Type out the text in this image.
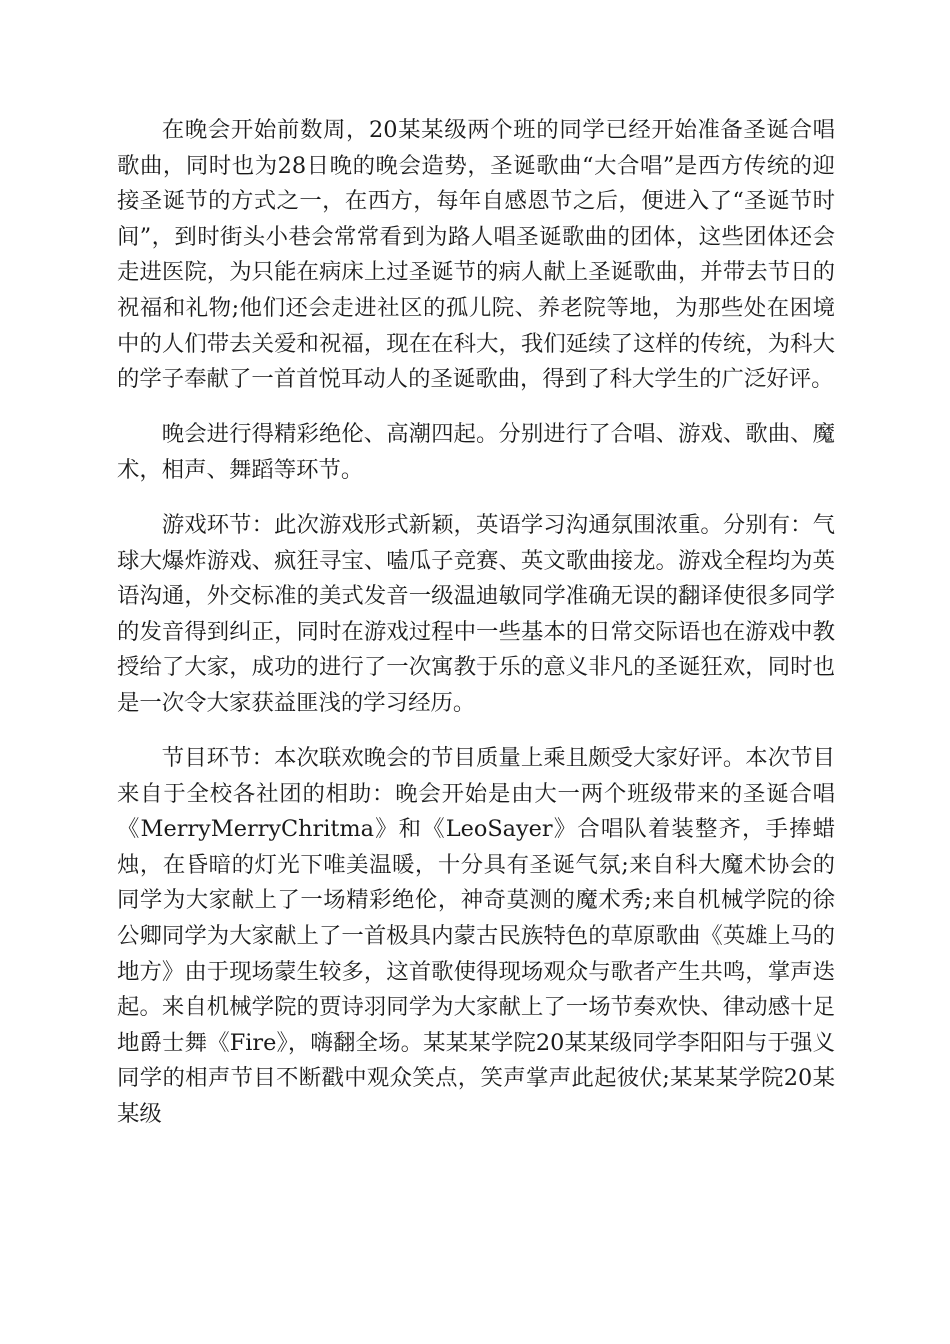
在晚会开始前数周，20某某级两个班的同学已经开始准备圣诞合唱歌曲，同时也为28日晚的晚会造势，圣诞歌曲“大合唱”是西方传统的迎接圣诞节的方式之一，在西方，每年自感恩节之后，便进入了“圣诞节时间”，到时街头小巷会常常看到为路人唱圣诞歌曲的团体，这些团体还会走进医院，为只能在病床上过圣诞节的病人献上圣诞歌曲，并带去节日的祝福和礼物;他们还会走进社区的孤儿院、养老院等地，为那些处在困境中的人们带去关爱和祝福，现在在科大，我们延续了这样的传统，为科大的学子奉献了一首首悦耳动人的圣诞歌曲，得到了科大学生的广泛好评。

晚会进行得精彩绝伦、高潮四起。分别进行了合唱、游戏、歌曲、魔术，相声、舞蹈等环节。

游戏环节：此次游戏形式新颖，英语学习沟通氛围浓重。分别有：气球大爆炸游戏、疯狂寻宝、嗑瓜子竞赛、英文歌曲接龙。游戏全程均为英语沟通，外交标准的美式发音一级温迪敏同学准确无误的翻译使很多同学的发音得到纠正，同时在游戏过程中一些基本的日常交际语也在游戏中教授给了大家，成功的进行了一次寓教于乐的意义非凡的圣诞狂欢，同时也是一次令大家获益匪浅的学习经历。

节目环节：本次联欢晚会的节目质量上乘且颇受大家好评。本次节目来自于全校各社团的相助：晚会开始是由大一两个班级带来的圣诞合唱《MerryMerryChritma》和《LeoSayer》合唱队着装整齐，手捧蜡烛，在昏暗的灯光下唯美温暖，十分具有圣诞气氛;来自科大魔术协会的同学为大家献上了一场精彩绝伦，神奇莫测的魔术秀;来自机械学院的徐公卿同学为大家献上了一首极具内蒙古民族特色的草原歌曲《英雄上马的地方》由于现场蒙生较多，这首歌使得现场观众与歌者产生共鸣，掌声迭起。来自机械学院的贾诗羽同学为大家献上了一场节奏欢快、律动感十足地爵士舞《Fire》，嗨翻全场。某某某学院20某某级同学李阳阳与于强义同学的相声节目不断戳中观众笑点，笑声掌声此起彼伏;某某某学院20某某级
